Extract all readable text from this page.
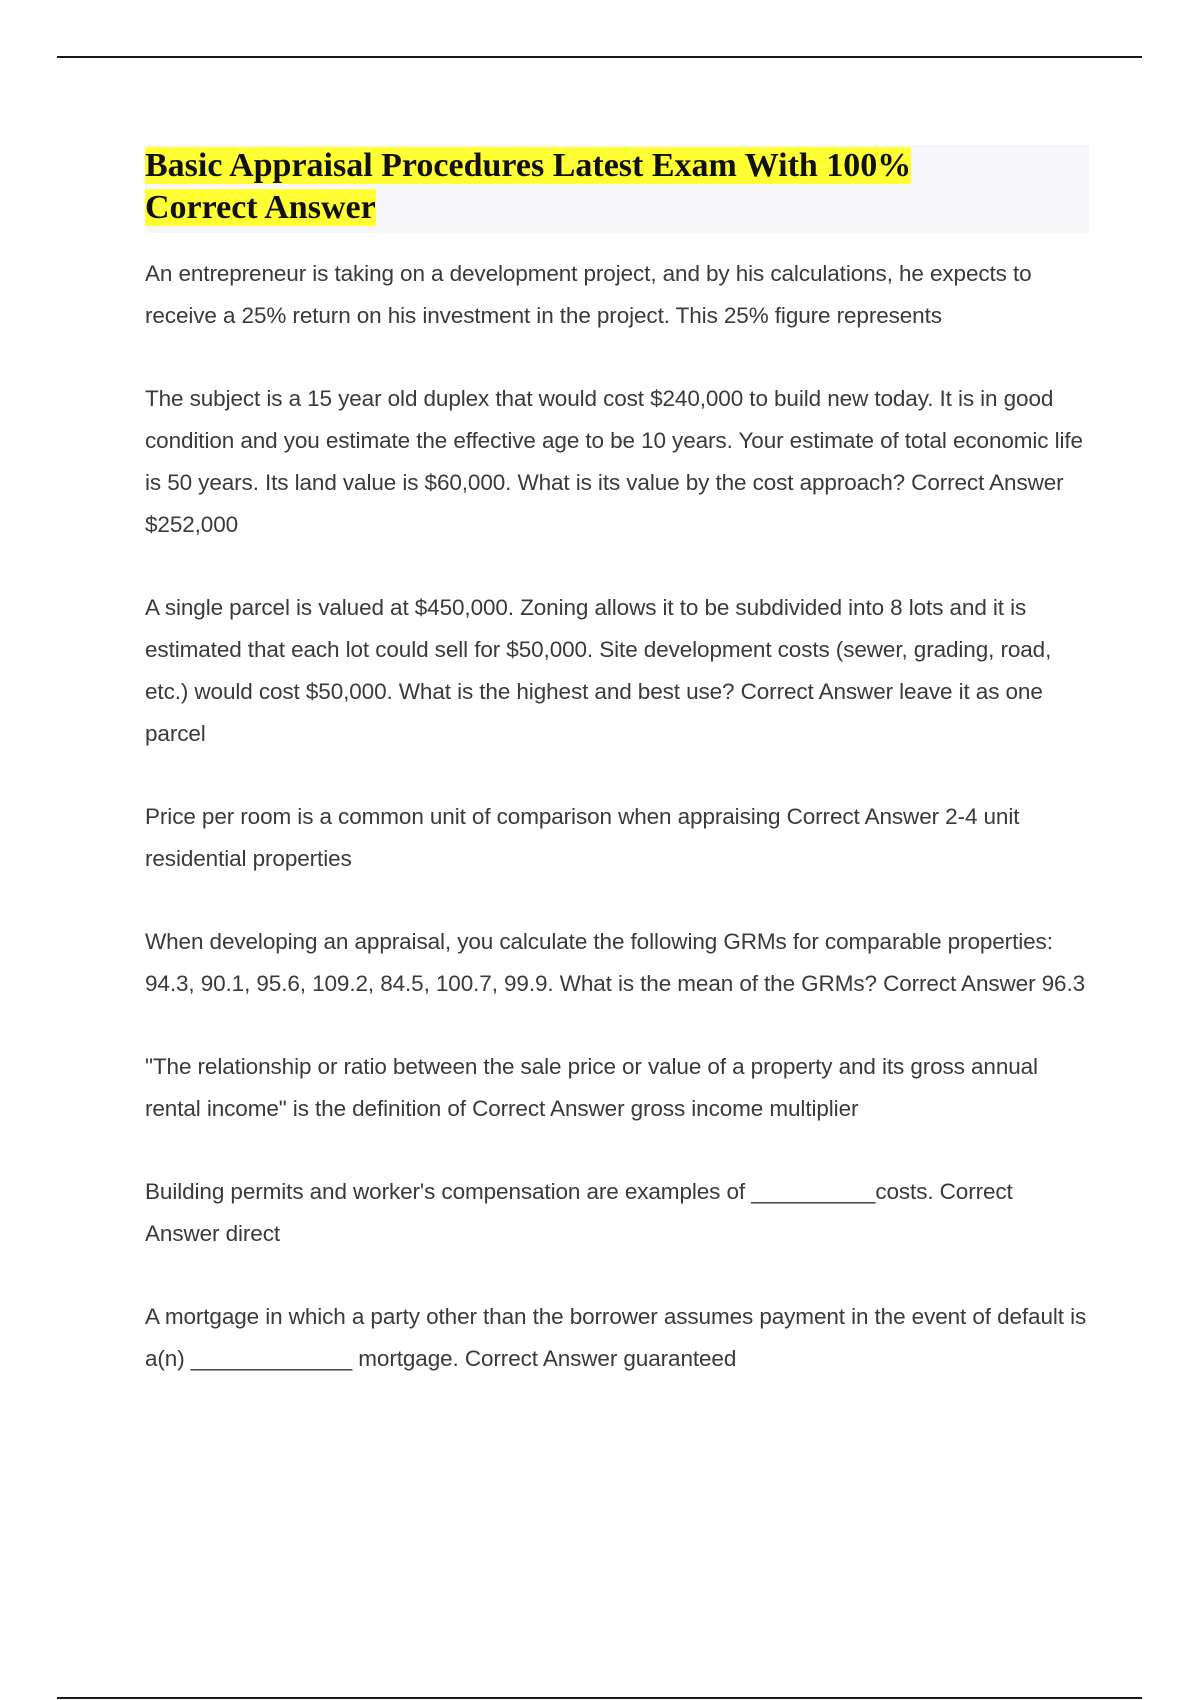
Basic Appraisal Procedures Latest Exam With 100% Correct Answer

An entrepreneur is taking on a development project, and by his calculations, he expects to receive a 25% return on his investment in the project. This 25% figure represents

The subject is a 15 year old duplex that would cost $240,000 to build new today. It is in good condition and you estimate the effective age to be 10 years. Your estimate of total economic life is 50 years. Its land value is $60,000. What is its value by the cost approach? Correct Answer $252,000

A single parcel is valued at $450,000. Zoning allows it to be subdivided into 8 lots and it is estimated that each lot could sell for $50,000. Site development costs (sewer, grading, road, etc.) would cost $50,000. What is the highest and best use? Correct Answer leave it as one parcel

Price per room is a common unit of comparison when appraising Correct Answer 2-4 unit residential properties

When developing an appraisal, you calculate the following GRMs for comparable properties: 94.3, 90.1, 95.6, 109.2, 84.5, 100.7, 99.9. What is the mean of the GRMs? Correct Answer 96.3

"The relationship or ratio between the sale price or value of a property and its gross annual rental income" is the definition of Correct Answer gross income multiplier

Building permits and worker's compensation are examples of __________costs. Correct Answer direct

A mortgage in which a party other than the borrower assumes payment in the event of default is a(n) _____________ mortgage. Correct Answer guaranteed
